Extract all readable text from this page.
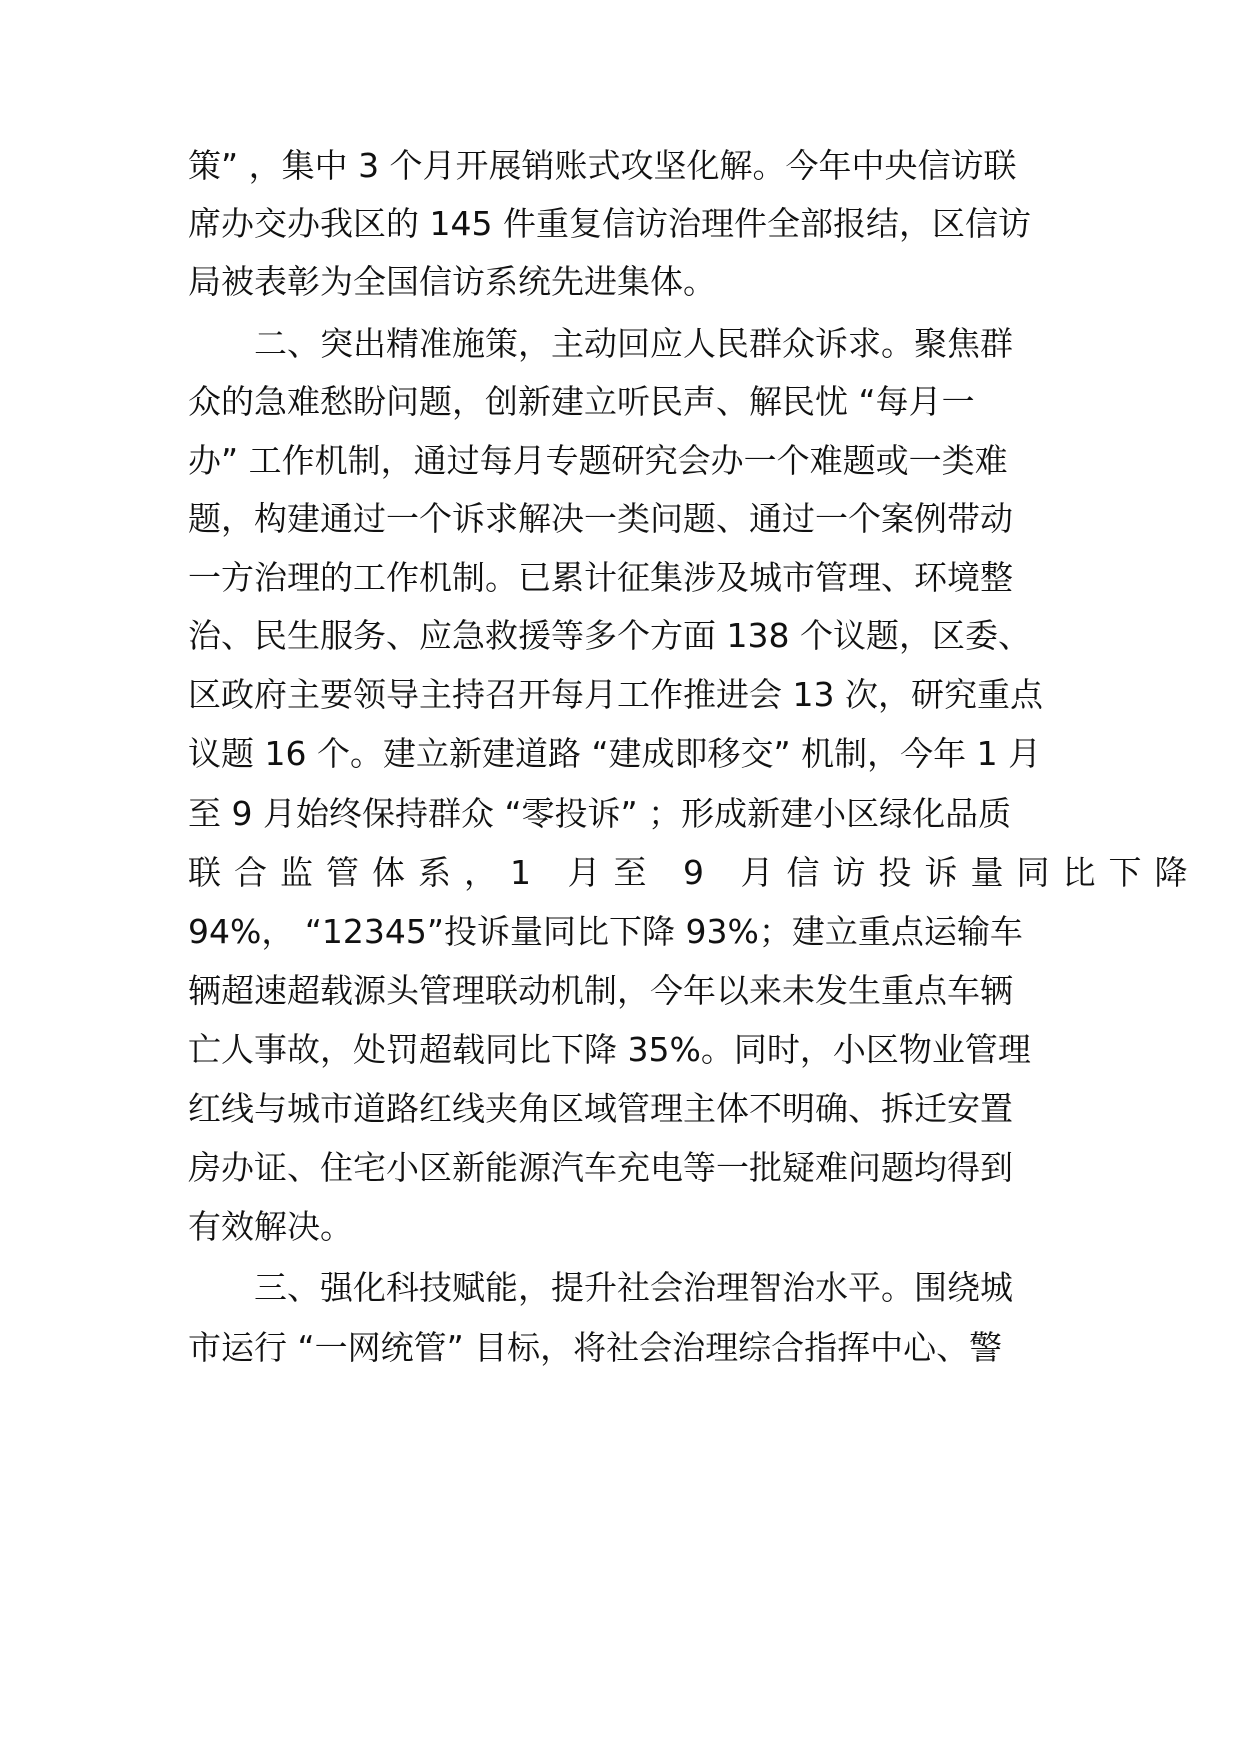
策” ，集中 3 个月开展销账式攻坚化解。今年中央信访联
席办交办我区的 145 件重复信访治理件全部报结，区信访
局被表彰为全国信访系统先进集体。
二、突出精准施策，主动回应人民群众诉求。聚焦群
众的急难愁盼问题，创新建立听民声、解民忧 “每月一
办” 工作机制，通过每月专题研究会办一个难题或一类难
题，构建通过一个诉求解决一类问题、通过一个案例带动
一方治理的工作机制。已累计征集涉及城市管理、环境整
治、民生服务、应急救援等多个方面 138 个议题，区委、
区政府主要领导主持召开每月工作推进会 13 次，研究重点
议题 16 个。建立新建道路 “建成即移交” 机制，今年 1 月
至 9 月始终保持群众 “零投诉” ；形成新建小区绿化品质
联合监管体系，1 月至 9 月信访投诉量同比下降
94%， “12345”投诉量同比下降 93%；建立重点运输车
辆超速超载源头管理联动机制，今年以来未发生重点车辆
亡人事故，处罚超载同比下降 35%。同时，小区物业管理
红线与城市道路红线夹角区域管理主体不明确、拆迁安置
房办证、住宅小区新能源汽车充电等一批疑难问题均得到
有效解决。
三、强化科技赋能，提升社会治理智治水平。围绕城
市运行 “一网统管” 目标，将社会治理综合指挥中心、警
